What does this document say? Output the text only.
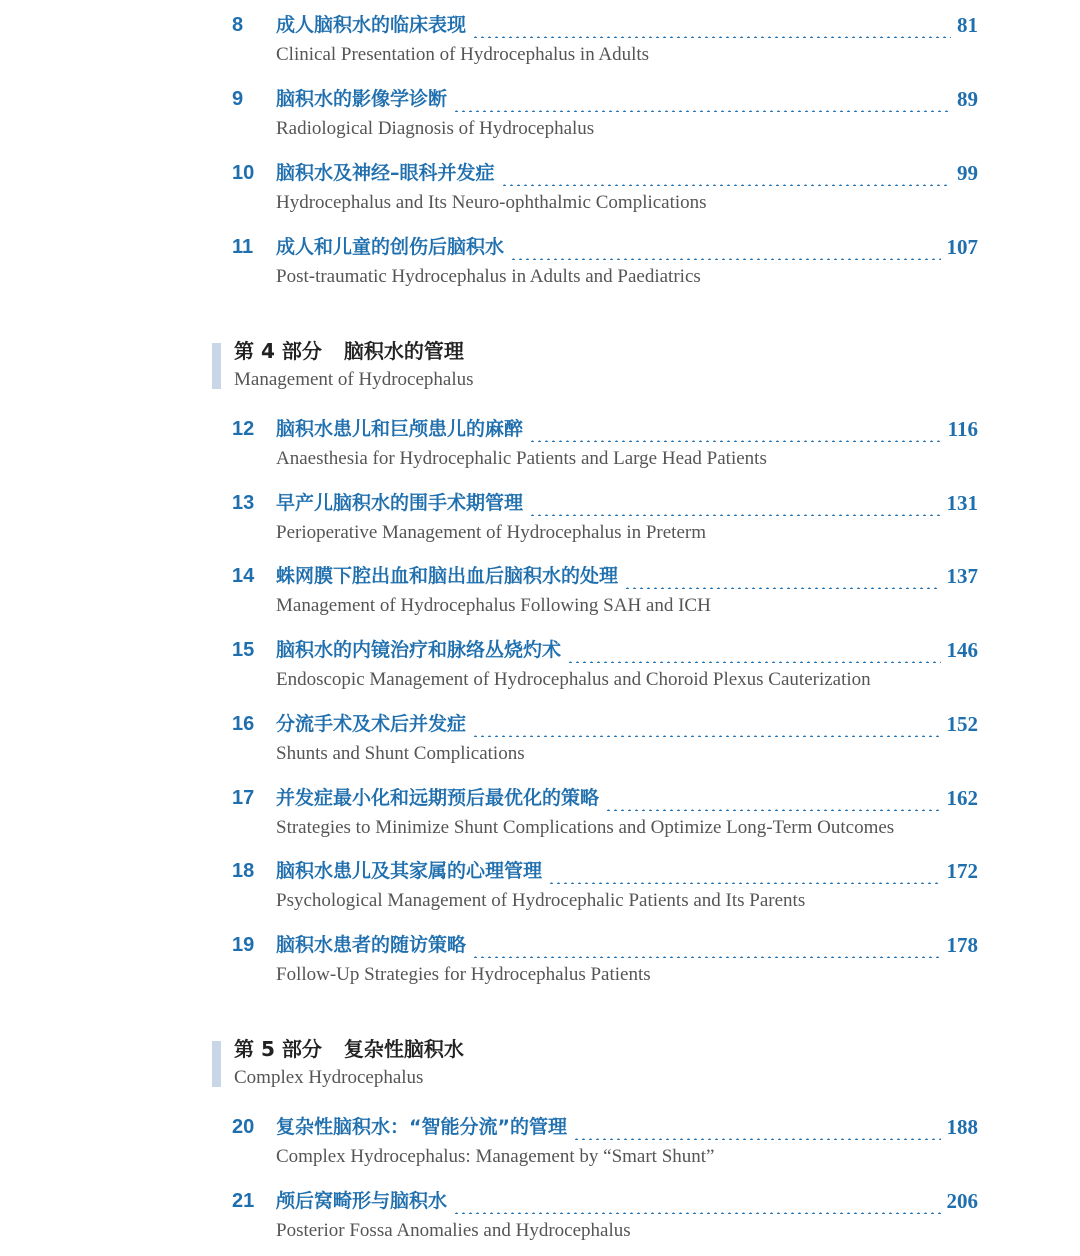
8	成人脑积水的临床表现	81
Clinical Presentation of Hydrocephalus in Adults
9	脑积水的影像学诊断	89
Radiological Diagnosis of Hydrocephalus
10	脑积水及神经–眼科并发症	99
Hydrocephalus and Its Neuro-ophthalmic Complications
11	成人和儿童的创伤后脑积水	107
Post-traumatic Hydrocephalus in Adults and Paediatrics
第 4 部分 脑积水的管理
Management of Hydrocephalus
12	脑积水患儿和巨颅患儿的麻醉	116
Anaesthesia for Hydrocephalic Patients and Large Head Patients
13	早产儿脑积水的围手术期管理	131
Perioperative Management of Hydrocephalus in Preterm
14	蛛网膜下腔出血和脑出血后脑积水的处理	137
Management of Hydrocephalus Following SAH and ICH
15	脑积水的内镜治疗和脉络丛烧灼术	146
Endoscopic Management of Hydrocephalus and Choroid Plexus Cauterization
16	分流手术及术后并发症	152
Shunts and Shunt Complications
17	并发症最小化和远期预后最优化的策略	162
Strategies to Minimize Shunt Complications and Optimize Long-Term Outcomes
18	脑积水患儿及其家属的心理管理	172
Psychological Management of Hydrocephalic Patients and Its Parents
19	脑积水患者的随访策略	178
Follow-Up Strategies for Hydrocephalus Patients
第 5 部分 复杂性脑积水
Complex Hydrocephalus
20	复杂性脑积水：“智能分流”的管理	188
Complex Hydrocephalus: Management by “Smart Shunt”
21	颅后窝畸形与脑积水	206
Posterior Fossa Anomalies and Hydrocephalus
